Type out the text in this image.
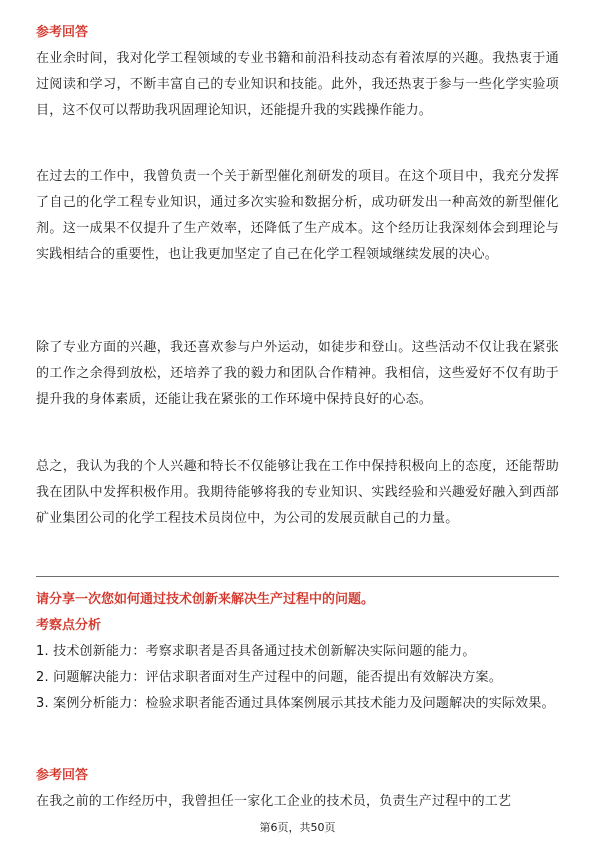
参考回答

在业余时间，我对化学工程领域的专业书籍和前沿科技动态有着浓厚的兴趣。我热衷于通过阅读和学习，不断丰富自己的专业知识和技能。此外，我还热衷于参与一些化学实验项目，这不仅可以帮助我巩固理论知识，还能提升我的实践操作能力。

在过去的工作中，我曾负责一个关于新型催化剂研发的项目。在这个项目中，我充分发挥了自己的化学工程专业知识，通过多次实验和数据分析，成功研发出一种高效的新型催化剂。这一成果不仅提升了生产效率，还降低了生产成本。这个经历让我深刻体会到理论与实践相结合的重要性，也让我更加坚定了自己在化学工程领域继续发展的决心。

除了专业方面的兴趣，我还喜欢参与户外运动，如徒步和登山。这些活动不仅让我在紧张的工作之余得到放松，还培养了我的毅力和团队合作精神。我相信，这些爱好不仅有助于提升我的身体素质，还能让我在紧张的工作环境中保持良好的心态。

总之，我认为我的个人兴趣和特长不仅能够让我在工作中保持积极向上的态度，还能帮助我在团队中发挥积极作用。我期待能够将我的专业知识、实践经验和兴趣爱好融入到西部矿业集团公司的化学工程技术员岗位中，为公司的发展贡献自己的力量。

请分享一次您如何通过技术创新来解决生产过程中的问题。

考察点分析

1. 技术创新能力：考察求职者是否具备通过技术创新解决实际问题的能力。

2. 问题解决能力：评估求职者面对生产过程中的问题，能否提出有效解决方案。

3. 案例分析能力：检验求职者能否通过具体案例展示其技术能力及问题解决的实际效果。

参考回答

在我之前的工作经历中，我曾担任一家化工企业的技术员，负责生产过程中的工艺

第6页，共50页
